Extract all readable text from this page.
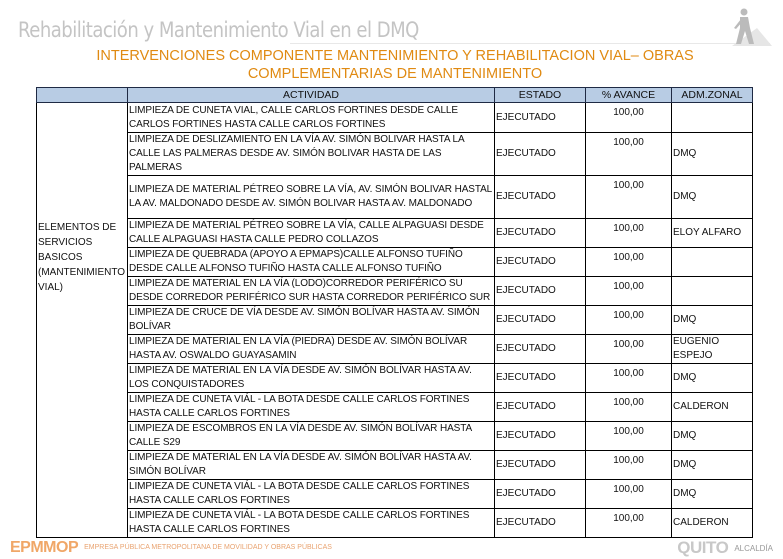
Rehabilitación y Mantenimiento Vial en el DMQ
INTERVENCIONES COMPONENTE MANTENIMIENTO Y REHABILITACION VIAL– OBRAS
COMPLEMENTARIAS DE MANTENIMIENTO
	ACTIVIDAD	ESTADO	% AVANCE	ADM.ZONAL
ELEMENTOS DE SERVICIOS BASICOS (MANTENIMIENTO VIAL)	LIMPIEZA DE CUNETA VIAL, CALLE CARLOS FORTINES DESDE CALLE CARLOS FORTINES HASTA CALLE CARLOS FORTINES	EJECUTADO	100,00	
	LIMPIEZA DE DESLIZAMIENTO EN LA VÍA AV. SIMÓN BOLIVAR HASTA LA CALLE LAS PALMERAS DESDE AV. SIMÓN BOLIVAR HASTA DE LAS PALMERAS	EJECUTADO	100,00	DMQ
	LIMPIEZA DE MATERIAL PÉTREO SOBRE LA VÍA, AV. SIMÓN BOLIVAR HASTAL LA AV. MALDONADO DESDE AV. SIMÓN BOLIVAR HASTA AV. MALDONADO	EJECUTADO	100,00	DMQ
	LIMPIEZA DE MATERIAL PÉTREO SOBRE LA VÍA, CALLE ALPAGUASI DESDE CALLE ALPAGUASI HASTA CALLE PEDRO COLLAZOS	EJECUTADO	100,00	ELOY ALFARO
	LIMPIEZA DE QUEBRADA (APOYO A EPMAPS)CALLE ALFONSO TUFIÑO DESDE CALLE ALFONSO TUFIÑO HASTA CALLE ALFONSO TUFIÑO	EJECUTADO	100,00	
	LIMPIEZA DE MATERIAL EN LA VÍA (LODO)CORREDOR PERIFÉRICO SU DESDE CORREDOR PERIFÉRICO SUR HASTA CORREDOR PERIFÉRICO SUR	EJECUTADO	100,00	
	LIMPIEZA DE CRUCE DE VÍA DESDE AV. SIMÓN BOLÍVAR HASTA AV. SIMÓN BOLÍVAR	EJECUTADO	100,00	DMQ
	LIMPIEZA DE MATERIAL EN LA VÍA (PIEDRA) DESDE AV. SIMÓN BOLÍVAR HASTA AV. OSWALDO GUAYASAMIN	EJECUTADO	100,00	EUGENIO ESPEJO
	LIMPIEZA DE MATERIAL EN LA VÍA DESDE AV. SIMÓN BOLÍVAR HASTA AV. LOS CONQUISTADORES	EJECUTADO	100,00	DMQ
	LIMPIEZA DE CUNETA VIÁL - LA BOTA DESDE CALLE CARLOS FORTINES HASTA CALLE CARLOS FORTINES	EJECUTADO	100,00	CALDERON
	LIMPIEZA DE ESCOMBROS EN LA VÍA DESDE AV. SIMÓN BOLÍVAR HASTA CALLE S29	EJECUTADO	100,00	DMQ
	LIMPIEZA DE MATERIAL EN LA VÍA DESDE AV. SIMÓN BOLÍVAR HASTA AV. SIMÓN BOLÍVAR	EJECUTADO	100,00	DMQ
	LIMPIEZA DE CUNETA VIÁL - LA BOTA DESDE CALLE CARLOS FORTINES HASTA CALLE CARLOS FORTINES	EJECUTADO	100,00	DMQ
	LIMPIEZA DE CUNETA VIÁL - LA BOTA DESDE CALLE CARLOS FORTINES HASTA CALLE CARLOS FORTINES	EJECUTADO	100,00	CALDERON
EPMMOP EMPRESA PÚBLICA METROPOLITANA DE MOVILIDAD Y OBRAS PÚBLICAS	QUITO ALCALDÍA
